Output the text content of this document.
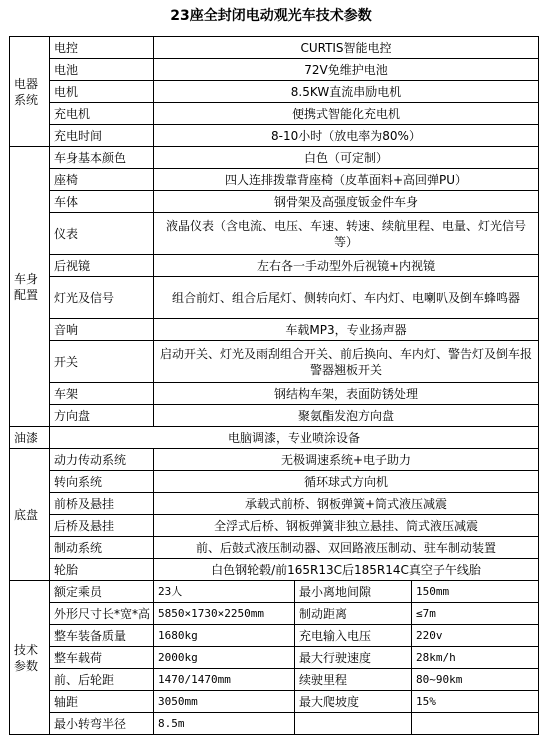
23座全封闭电动观光车技术参数
电器系统	电控	CURTIS智能电控		
	电池	72V免维护电池		
	电机	8.5KW直流串励电机		
	充电机	便携式智能化充电机		
	充电时间	8-10小时（放电率为80%）		
车身配置	车身基本颜色	白色（可定制）		
	座椅	四人连排拨靠背座椅（皮革面料+高回弹PU）		
	车体	钢骨架及高强度钣金件车身		
	仪表	液晶仪表（含电流、电压、车速、转速、续航里程、电量、灯光信号等）		
	后视镜	左右各一手动型外后视镜+内视镜		
	灯光及信号	组合前灯、组合后尾灯、侧转向灯、车内灯、电喇叭及倒车蜂鸣器		
	音响	车载MP3，专业扬声器		
	开关	启动开关、灯光及雨刮组合开关、前后换向、车内灯、警告灯及倒车报警器翘板开关		
	车架	钢结构车架，表面防锈处理		
	方向盘	聚氨酯发泡方向盘		
油漆	电脑调漆，专业喷涂设备			
底盘	动力传动系统	无极调速系统+电子助力		
	转向系统	循环球式方向机		
	前桥及悬挂	承载式前桥、钢板弹簧+筒式液压减震		
	后桥及悬挂	全浮式后桥、钢板弹簧非独立悬挂、筒式液压减震		
	制动系统	前、后鼓式液压制动器、双回路液压制动、驻车制动装置		
	轮胎	白色钢轮毂/前165R13C后185R14C真空子午线胎		
技术参数	额定乘员	23人	最小离地间隙	150mm
	外形尺寸长*宽*高	5850×1730×2250mm	制动距离	≤7m
	整车装备质量	1680kg	充电输入电压	220v
	整车载荷	2000kg	最大行驶速度	28km/h
	前、后轮距	1470/1470mm	续驶里程	80~90km
	轴距	3050mm	最大爬坡度	15%
	最小转弯半径	8.5m		
